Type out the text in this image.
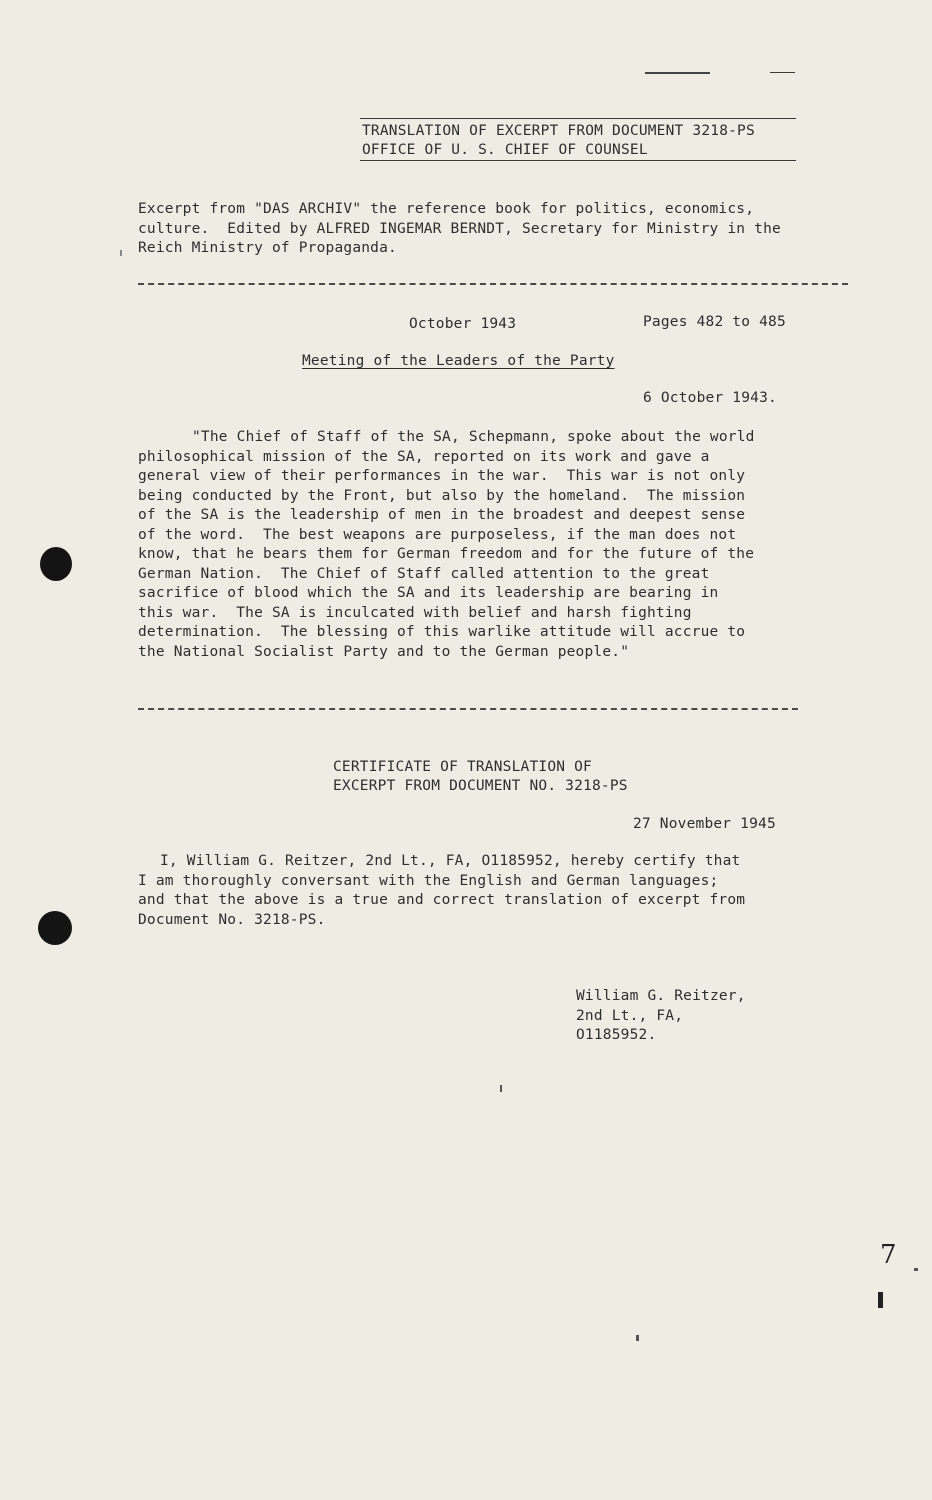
TRANSLATION OF EXCERPT FROM DOCUMENT 3218-PS
OFFICE OF U. S. CHIEF OF COUNSEL
Excerpt from "DAS ARCHIV" the reference book for politics, economics,
culture.  Edited by ALFRED INGEMAR BERNDT, Secretary for Ministry in the
Reich Ministry of Propaganda.
October 1943	Pages 482 to 485
Meeting of the Leaders of the Party
6 October 1943.
"The Chief of Staff of the SA, Schepmann, spoke about the world
philosophical mission of the SA, reported on its work and gave a
general view of their performances in the war.  This war is not only
being conducted by the Front, but also by the homeland.  The mission
of the SA is the leadership of men in the broadest and deepest sense
of the word.  The best weapons are purposeless, if the man does not
know, that he bears them for German freedom and for the future of the
German Nation.  The Chief of Staff called attention to the great
sacrifice of blood which the SA and its leadership are bearing in
this war.  The SA is inculcated with belief and harsh fighting
determination.  The blessing of this warlike attitude will accrue to
the National Socialist Party and to the German people."
CERTIFICATE OF TRANSLATION OF
EXCERPT FROM DOCUMENT NO. 3218-PS
27 November 1945
I, William G. Reitzer, 2nd Lt., FA, O1185952, hereby certify that
I am thoroughly conversant with the English and German languages;
and that the above is a true and correct translation of excerpt from
Document No. 3218-PS.
William G. Reitzer,
2nd Lt., FA,
O1185952.
7
